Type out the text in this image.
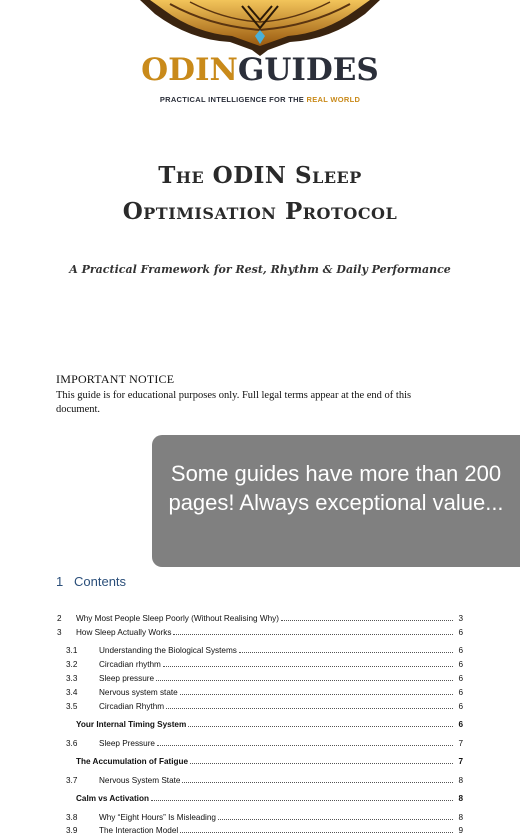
ODINGUIDES
PRACTICAL INTELLIGENCE FOR THE REAL WORLD
The ODIN Sleep
Optimisation Protocol
A Practical Framework for Rest, Rhythm & Daily Performance
IMPORTANT NOTICE
This guide is for educational purposes only. Full legal terms appear at the end of this document.
1 Contents
2 Why Most People Sleep Poorly (Without Realising Why)	3
3 How Sleep Actually Works	6
3.1	Understanding the Biological Systems	6
3.2	Circadian rhythm	6
3.3	Sleep pressure	6
3.4	Nervous system state	6
3.5	Circadian Rhythm	6
Your Internal Timing System	6
3.6	Sleep Pressure	7
The Accumulation of Fatigue	7
3.7	Nervous System State	8
Calm vs Activation	8
3.8	Why “Eight Hours” Is Misleading	8
3.9	The Interaction Model	9
Some guides have more than 200 pages! Always exceptional value...
